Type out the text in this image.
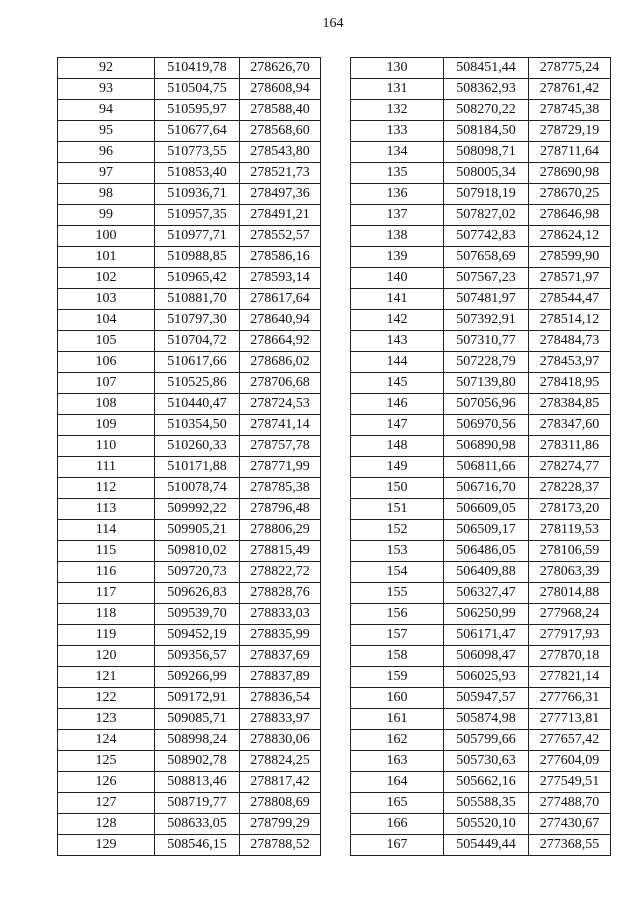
164
92	510419,78	278626,70
93	510504,75	278608,94
94	510595,97	278588,40
95	510677,64	278568,60
96	510773,55	278543,80
97	510853,40	278521,73
98	510936,71	278497,36
99	510957,35	278491,21
100	510977,71	278552,57
101	510988,85	278586,16
102	510965,42	278593,14
103	510881,70	278617,64
104	510797,30	278640,94
105	510704,72	278664,92
106	510617,66	278686,02
107	510525,86	278706,68
108	510440,47	278724,53
109	510354,50	278741,14
110	510260,33	278757,78
111	510171,88	278771,99
112	510078,74	278785,38
113	509992,22	278796,48
114	509905,21	278806,29
115	509810,02	278815,49
116	509720,73	278822,72
117	509626,83	278828,76
118	509539,70	278833,03
119	509452,19	278835,99
120	509356,57	278837,69
121	509266,99	278837,89
122	509172,91	278836,54
123	509085,71	278833,97
124	508998,24	278830,06
125	508902,78	278824,25
126	508813,46	278817,42
127	508719,77	278808,69
128	508633,05	278799,29
129	508546,15	278788,52
130	508451,44	278775,24
131	508362,93	278761,42
132	508270,22	278745,38
133	508184,50	278729,19
134	508098,71	278711,64
135	508005,34	278690,98
136	507918,19	278670,25
137	507827,02	278646,98
138	507742,83	278624,12
139	507658,69	278599,90
140	507567,23	278571,97
141	507481,97	278544,47
142	507392,91	278514,12
143	507310,77	278484,73
144	507228,79	278453,97
145	507139,80	278418,95
146	507056,96	278384,85
147	506970,56	278347,60
148	506890,98	278311,86
149	506811,66	278274,77
150	506716,70	278228,37
151	506609,05	278173,20
152	506509,17	278119,53
153	506486,05	278106,59
154	506409,88	278063,39
155	506327,47	278014,88
156	506250,99	277968,24
157	506171,47	277917,93
158	506098,47	277870,18
159	506025,93	277821,14
160	505947,57	277766,31
161	505874,98	277713,81
162	505799,66	277657,42
163	505730,63	277604,09
164	505662,16	277549,51
165	505588,35	277488,70
166	505520,10	277430,67
167	505449,44	277368,55
